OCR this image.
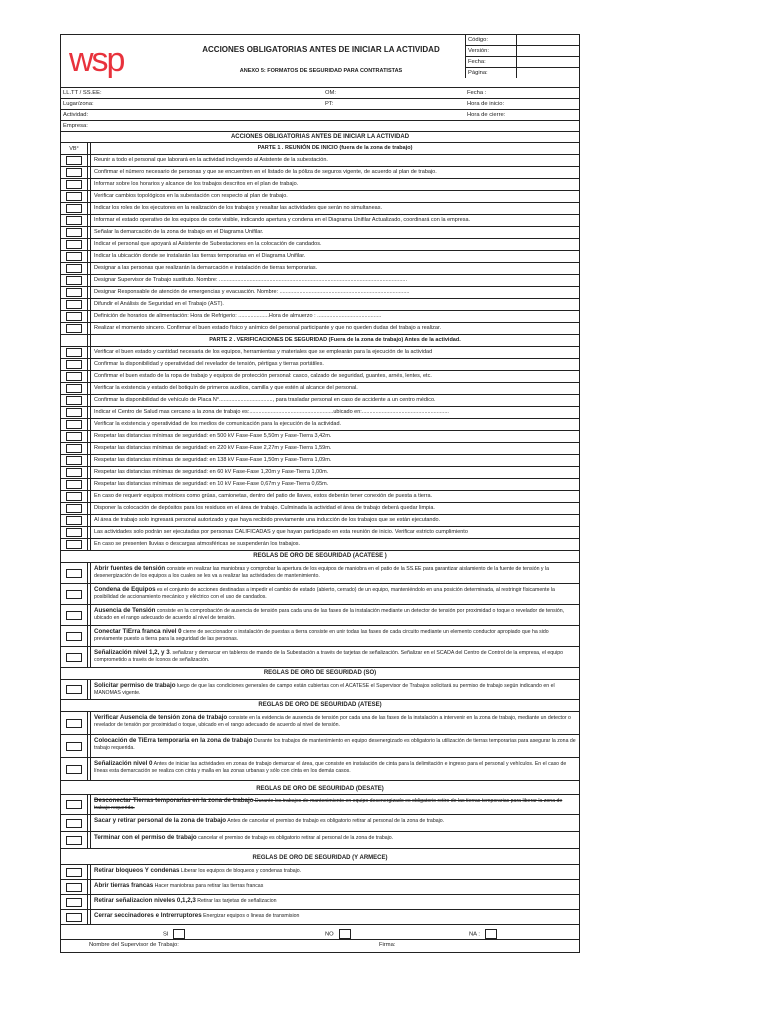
wsp	ACCIONES OBLIGATORIAS ANTES DE INICIAR LA ACTIVIDAD
ANEXO 5: FORMATOS DE SEGURIDAD PARA CONTRATISTAS
Código:
Versión:
Fecha:
Página:
LL.TT / SS.EE:	OM:	Fecha :
Lugar/zona:	PT:	Hora de inicio:
Actividad:	Hora de cierre:
Empresa:
ACCIONES OBLIGATORIAS ANTES DE INICIAR LA ACTIVIDAD
VB°	PARTE 1 . REUNIÓN DE INICIO (fuera de la zona de trabajo)
Reunir a todo el personal que laborará en la actividad incluyendo al Asistente de la subestación.
Confirmar el número necesario de personas y que se encuentren en el listado de la póliza de seguros vigente, de acuerdo al plan de trabajo.
Informar sobre los horarios y alcance de los trabajos descritos en el plan de trabajo.
Verificar cambios topológicos en la subestación con respecto al plan de trabajo.
Indicar los roles de los ejecutores en la realización de los trabajos y resaltar las actividades que serán no simultaneas.
Informar el estado operativo de los equipos de corte visible, indicando apertura y condena en el Diagrama Unifilar Actualizado, coordinará con la empresa.
Señalar la demarcación de la zona de trabajo en el Diagrama Unifilar.
Indicar el personal que apoyará al Asistente de Subestaciones en la colocación de candados.
Indicar la ubicación donde se instalarán las tierras temporarias en el Diagrama Unifilar.
Designar a las personas que realizarán la demarcación e instalación de tierras temporarias.
Designar Supervisor de Trabajo sustituto. Nombre: ...........................................................................................................................
Designar Responsable de atención de emergencias y evacuación. Nombre: .....................................................................................
Difundir el Análisis de Seguridad en el Trabajo (AST).
Definición de horarios de alimentación: Hora de Refrigerio: ....................Hora de almuerzo : ..........................................
Realizar el momento sincero. Confirmar el buen estado físico y anímico del personal participante y que no queden dudas del trabajo a realizar.
PARTE 2 . VERIFICACIONES DE SEGURIDAD (Fuera de la zona de trabajo) Antes de la actividad.
Verificar el buen estado y cantidad necesaria de los equipos, herramientas y materiales que se emplearán para la ejecución de la actividad
Confirmar la disponibilidad y operatividad del revelador de tensión, pértigas y tierras portátiles.
Confirmar el buen estado de la ropa de trabajo y equipos de protección personal: casco, calzado de seguridad, guantes, arnés, lentes, etc.
Verificar la existencia y estado del botiquín de primeros auxilios, camilla y que estén al alcance del personal.
Confirmar la disponibilidad de vehículo de Placa N°..................................., para trasladar personal en caso de accidente a un centro médico.
Indicar el Centro de Salud mas cercano a la zona de trabajo es:.......................................................ubicado en:.........................................................
Verificar la existencia y operatividad de los medios de comunicación para la ejecución de la actividad.
Respetar las distancias mínimas de seguridad: en 500 kV Fase-Fase 5,50m y Fase-Tierra 3,42m.
Respetar las distancias mínimas de seguridad: en 220 kV Fase-Fase 2,27m y Fase-Tierra 1,59m.
Respetar las distancias mínimas de seguridad: en 138 kV Fase-Fase 1,50m y Fase-Tierra 1,09m.
Respetar las distancias mínimas de seguridad: en 60 kV Fase-Fase 1,20m y Fase-Tierra 1,00m.
Respetar las distancias mínimas de seguridad: en 10 kV Fase-Fase 0,67m y Fase-Tierra 0,65m.
En caso de requerir equipos motrices como grúas, camionetas, dentro del patio de llaves, estos deberán tener conexión de puesta a tierra.
Disponer la colocación de depósitos para los residuos en el área de trabajo. Culminada la actividad el área de trabajo deberá quedar limpia.
Al área de trabajo solo ingresará personal autorizado y que haya recibido previamente una inducción de los trabajos que se están ejecutando.
Las actividades solo podrán ser ejecutadas por personas CALIFICADAS y que hayan participado en esta reunión de inicio. Verificar estricto cumplimiento
En caso se presenten lluvias o descargas atmosféricas se suspenderán los trabajos.
REGLAS DE ORO DE SEGURIDAD (ACATESE )
Abrir fuentes de tensión consiste en realizar las maniobras y comprobar la apertura de los equipos de maniobra en el patio de la SS.EE para garantizar aislamiento de la fuente de tensión y la desenergización de los equipos a los cuales se les va a realizar las actividades de mantenimiento.
Condena de Equipos es el conjunto de acciones destinadas a impedir el cambio de estado (abierto, cerrado) de un equipo, manteniéndolo en una posición determinada, al restringir físicamente la posibilidad de accionamiento mecánico y eléctrico con el uso de candados.
Ausencia de Tensión consiste en la comprobación de ausencia de tensión para cada una de las fases de la instalación mediante un detector de tensión por proximidad o toque o revelador de tensión, ubicado en el rango adecuado de acuerdo al nivel de tensión.
Conectar TiErra franca nivel 0 cierre de seccionador o instalación de puestas a tierra consiste en unir todas las fases de cada circuito mediante un elemento conductor apropiado que ha sido previamente puesto a tierra para la seguridad de las personas.
Señalización nivel 1,2, y 3. señalizar y demarcar en tableros de mando de la Subestación a través de tarjetas de señalización. Señalizar en el SCADA del Centro de Control de la empresa, el equipo comprometido a través de íconos de señalización.
REGLAS DE ORO DE SEGURIDAD (SO)
Solicitar permiso de trabajo luego de que las condiciones generales de campo están cubiertas con el ACATESE el Supervisor de Trabajos solicitará su permiso de trabajo según indicando en el MANOMAS vigente.
REGLAS DE ORO DE SEGURIDAD (ATESE)
Verificar Ausencia de tensión zona de trabajo consiste en la evidencia de ausencia de tensión por cada una de las fases de la instalación a intervenir en la zona de trabajo, mediante un detector o revelador de tensión por proximidad o toque, ubicado en el rango adecuado de acuerdo al nivel de tensión.
Colocación de TiErra temporaria en la zona de trabajo Durante los trabajos de mantenimiento en equipo desenergizado es obligatorio la utilización de tierras temporarias para asegurar la zona de trabajo requerida.
Señalización nivel 0 Antes de iniciar las actividades en zonas de trabajo demarcar el área, que consiste en instalación de cinta para la delimitación e ingreso para el personal y vehículos. En el caso de líneas esta demarcación se realiza con cinta y malla en las zonas urbanas y sólo con cinta en los demás casos.
REGLAS DE ORO DE SEGURIDAD (DESATE)
Desconectar Tierras temporarias en la zona de trabajo Durante los trabajos de mantenimiento en equipo desenergizado es obligatorio retiro de las tierras temporarias para liberar la zona de trabajo requerida.
Sacar y retirar personal de la zona de trabajo Antes de cancelar el premiso de trabajo es obligatorio retirar al personal de la zona de trabajo.
Terminar con el permiso de trabajo cancelar el premiso de trabajo es obligatorio retirar al personal de la zona de trabajo.
REGLAS DE ORO DE SEGURIDAD (Y ARMECE)
Retirar bloqueos Y condenas Liberar los equipos de bloqueos y condenas trabajo.
Abrir tierras francas Hacer maniobras para retirar las tierras francas
Retirar señalizacion niveles 0,1,2,3 Retirar las tarjetas de señalizacion
Cerrar seccinadores e Intrerruptores Energizar equipos o lineas de transmision
SI	NO	NA :
Nombre del Supervisor de Trabajo:	Firma:
